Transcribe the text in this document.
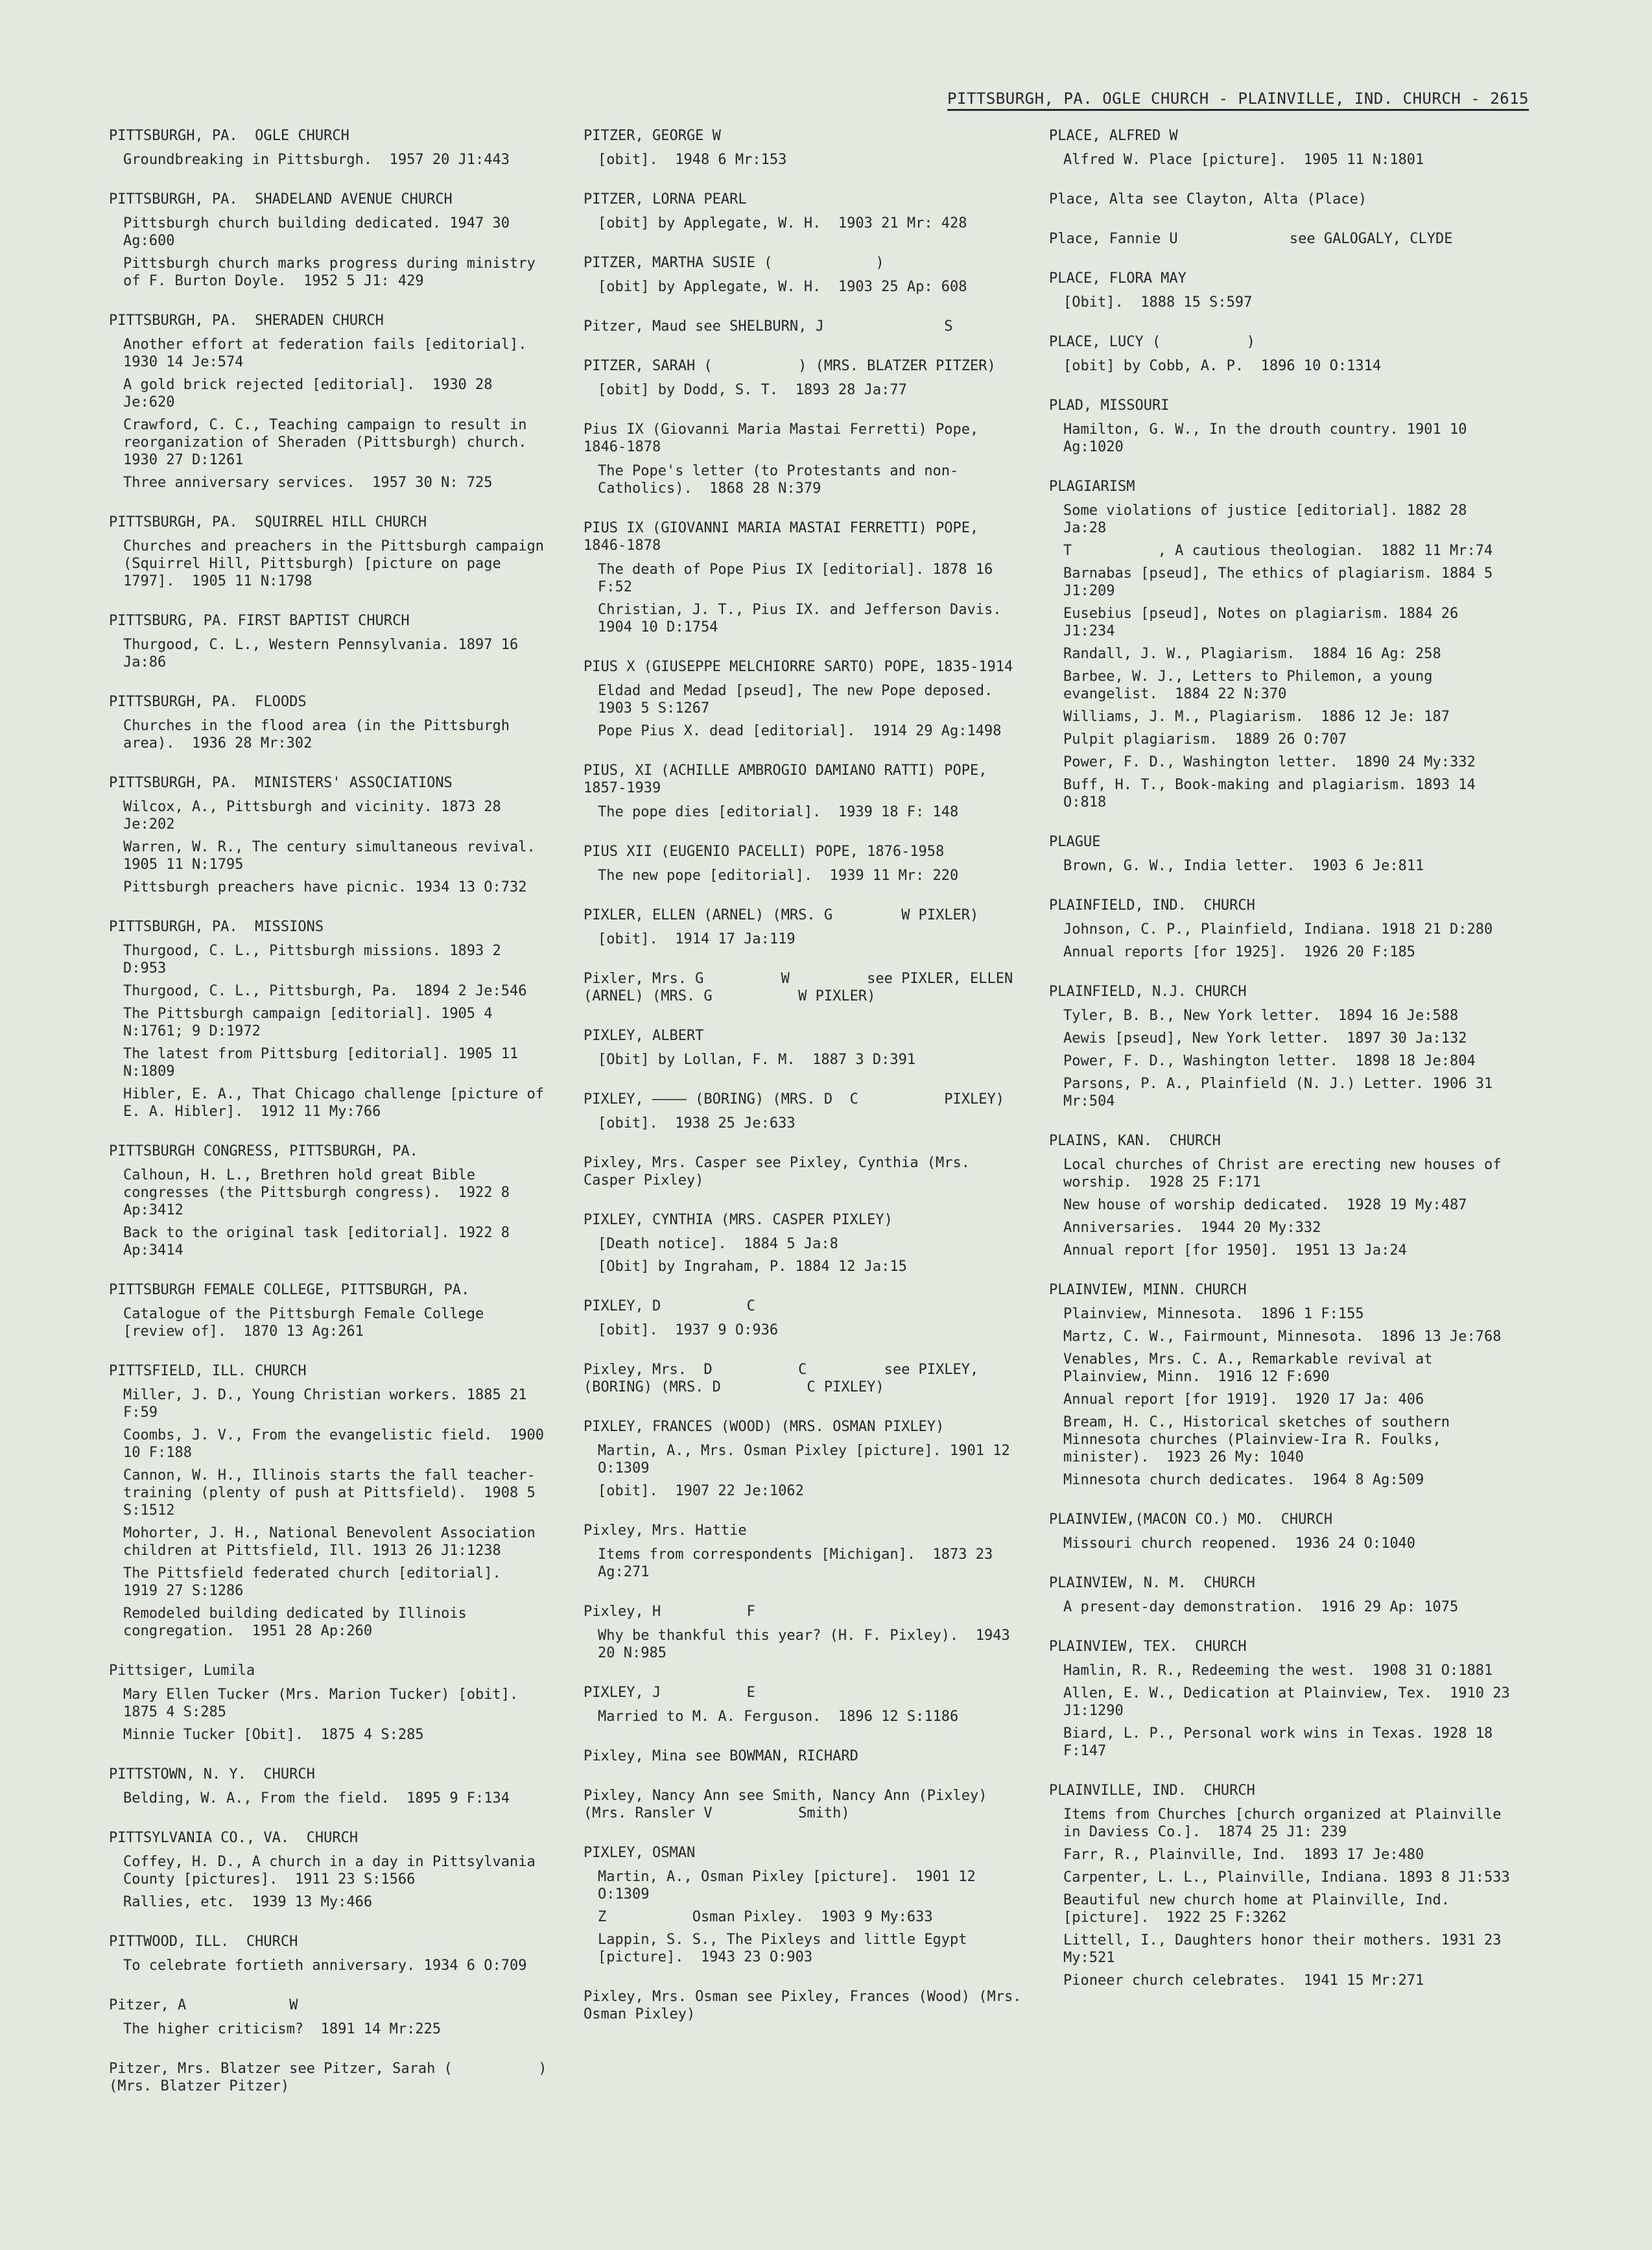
PITTSBURGH, PA. OGLE CHURCH - PLAINVILLE, IND. CHURCH - 2615
PITTSBURGH, PA.  OGLE CHURCH
Groundbreaking in Pittsburgh.  1957 20 J1:443
PITTSBURGH, PA.  SHADELAND AVENUE CHURCH
Pittsburgh church building dedicated. 1947 30 Ag:600
Pittsburgh church marks progress during ministry of F. Burton Doyle.  1952 5 J1: 429
PITTSBURGH, PA.  SHERADEN CHURCH
Another effort at federation fails [editorial].  1930 14 Je:574
A gold brick rejected [editorial].  1930 28 Je:620
Crawford, C. C., Teaching campaign to result in reorganization of Sheraden (Pittsburgh) church.  1930 27 D:1261
Three anniversary services.  1957 30 N: 725
PITTSBURGH, PA.  SQUIRREL HILL CHURCH
Churches and preachers in the Pittsburgh campaign (Squirrel Hill, Pittsburgh) [picture on page 1797].  1905 11 N:1798
PITTSBURG, PA. FIRST BAPTIST CHURCH
Thurgood, C. L., Western Pennsylvania. 1897 16 Ja:86
PITTSBURGH, PA.  FLOODS
Churches in the flood area (in the Pittsburgh area).  1936 28 Mr:302
PITTSBURGH, PA.  MINISTERS' ASSOCIATIONS
Wilcox, A., Pittsburgh and vicinity. 1873 28 Je:202
Warren, W. R., The century simultaneous revival.  1905 11 N:1795
Pittsburgh preachers have picnic. 1934 13 O:732
PITTSBURGH, PA.  MISSIONS
Thurgood, C. L., Pittsburgh missions. 1893 2 D:953
Thurgood, C. L., Pittsburgh, Pa.  1894 2 Je:546
The Pittsburgh campaign [editorial]. 1905 4 N:1761; 9 D:1972
The latest from Pittsburg [editorial]. 1905 11 N:1809
Hibler, E. A., That Chicago challenge [picture of E. A. Hibler].  1912 11 My:766
PITTSBURGH CONGRESS, PITTSBURGH, PA.
Calhoun, H. L., Brethren hold great Bible congresses (the Pittsburgh congress).  1922 8 Ap:3412
Back to the original task [editorial]. 1922 8 Ap:3414
PITTSBURGH FEMALE COLLEGE, PITTSBURGH, PA.
Catalogue of the Pittsburgh Female College [review of].  1870 13 Ag:261
PITTSFIELD, ILL. CHURCH
Miller, J. D., Young Christian workers. 1885 21 F:59
Coombs, J. V., From the evangelistic field.  1900 10 F:188
Cannon, W. H., Illinois starts the fall teacher-training (plenty of push at Pittsfield).  1908 5 S:1512
Mohorter, J. H., National Benevolent Association children at Pittsfield, Ill. 1913 26 J1:1238
The Pittsfield federated church [editorial].  1919 27 S:1286
Remodeled building dedicated by Illinois congregation.  1951 28 Ap:260
Pittsiger, Lumila
Mary Ellen Tucker (Mrs. Marion Tucker) [obit].  1875 4 S:285
Minnie Tucker [Obit].  1875 4 S:285
PITTSTOWN, N. Y.  CHURCH
Belding, W. A., From the field.  1895 9 F:134
PITTSYLVANIA CO., VA.  CHURCH
Coffey, H. D., A church in a day in Pittsylvania County [pictures].  1911 23 S:1566
Rallies, etc.  1939 13 My:466
PITTWOOD, ILL.  CHURCH
To celebrate fortieth anniversary. 1934 6 O:709
Pitzer, A            W
The higher criticism?  1891 14 Mr:225
Pitzer, Mrs. Blatzer see Pitzer, Sarah (          ) (Mrs. Blatzer Pitzer)
PITZER, GEORGE W
[obit].  1948 6 Mr:153
PITZER, LORNA PEARL
[obit] by Applegate, W. H.  1903 21 Mr: 428
PITZER, MARTHA SUSIE (            )
[obit] by Applegate, W. H.  1903 25 Ap: 608
Pitzer, Maud see SHELBURN, J              S
PITZER, SARAH (          ) (MRS. BLATZER PITZER)
[obit] by Dodd, S. T.  1893 28 Ja:77
Pius IX (Giovanni Maria Mastai Ferretti) Pope, 1846-1878
The Pope's letter (to Protestants and non-Catholics).  1868 28 N:379
PIUS IX (GIOVANNI MARIA MASTAI FERRETTI) POPE, 1846-1878
The death of Pope Pius IX [editorial]. 1878 16 F:52
Christian, J. T., Pius IX. and Jefferson Davis.  1904 10 D:1754
PIUS X (GIUSEPPE MELCHIORRE SARTO) POPE, 1835-1914
Eldad and Medad [pseud], The new Pope deposed.  1903 5 S:1267
Pope Pius X. dead [editorial].  1914 29 Ag:1498
PIUS, XI (ACHILLE AMBROGIO DAMIANO RATTI) POPE, 1857-1939
The pope dies [editorial].  1939 18 F: 148
PIUS XII (EUGENIO PACELLI) POPE, 1876-1958
The new pope [editorial].  1939 11 Mr: 220
PIXLER, ELLEN (ARNEL) (MRS. G        W PIXLER)
[obit].  1914 17 Ja:119
Pixler, Mrs. G         W         see PIXLER, ELLEN (ARNEL) (MRS. G          W PIXLER)
PIXLEY, ALBERT
[Obit] by Lollan, F. M.  1887 3 D:391
PIXLEY, ———— (BORING) (MRS. D  C          PIXLEY)
[obit].  1938 25 Je:633
Pixley, Mrs. Casper see Pixley, Cynthia (Mrs. Casper Pixley)
PIXLEY, CYNTHIA (MRS. CASPER PIXLEY)
[Death notice].  1884 5 Ja:8
[Obit] by Ingraham, P. 1884 12 Ja:15
PIXLEY, D          C
[obit].  1937 9 O:936
Pixley, Mrs.  D          C         see PIXLEY, (BORING) (MRS. D          C PIXLEY)
PIXLEY, FRANCES (WOOD) (MRS. OSMAN PIXLEY)
Martin, A., Mrs. Osman Pixley [picture]. 1901 12 O:1309
[obit].  1907 22 Je:1062
Pixley, Mrs. Hattie
Items from correspondents [Michigan].  1873 23 Ag:271
Pixley, H          F
Why be thankful this year? (H. F. Pixley).  1943 20 N:985
PIXLEY, J          E
Married to M. A. Ferguson.  1896 12 S:1186
Pixley, Mina see BOWMAN, RICHARD
Pixley, Nancy Ann see Smith, Nancy Ann (Pixley) (Mrs. Ransler V          Smith)
PIXLEY, OSMAN
Martin, A., Osman Pixley [picture].  1901 12 O:1309
Z          Osman Pixley.  1903 9 My:633
Lappin, S. S., The Pixleys and little Egypt [picture].  1943 23 O:903
Pixley, Mrs. Osman see Pixley, Frances (Wood) (Mrs. Osman Pixley)
PLACE, ALFRED W
Alfred W. Place [picture].  1905 11 N:1801
Place, Alta see Clayton, Alta (Place)
Place, Fannie U             see GALOGALY, CLYDE
PLACE, FLORA MAY
[Obit].  1888 15 S:597
PLACE, LUCY (          )
[obit] by Cobb, A. P.  1896 10 O:1314
PLAD, MISSOURI
Hamilton, G. W., In the drouth country. 1901 10 Ag:1020
PLAGIARISM
Some violations of justice [editorial]. 1882 28 Ja:28
T          , A cautious theologian.  1882 11 Mr:74
Barnabas [pseud], The ethics of plagiarism. 1884 5 J1:209
Eusebius [pseud], Notes on plagiarism. 1884 26 J1:234
Randall, J. W., Plagiarism.  1884 16 Ag: 258
Barbee, W. J., Letters to Philemon, a young evangelist.  1884 22 N:370
Williams, J. M., Plagiarism.  1886 12 Je: 187
Pulpit plagiarism.  1889 26 O:707
Power, F. D., Washington letter.  1890 24 My:332
Buff, H. T., Book-making and plagiarism. 1893 14 O:818
PLAGUE
Brown, G. W., India letter.  1903 6 Je:811
PLAINFIELD, IND.  CHURCH
Johnson, C. P., Plainfield, Indiana. 1918 21 D:280
Annual reports [for 1925].  1926 20 F:185
PLAINFIELD, N.J. CHURCH
Tyler, B. B., New York letter.  1894 16 Je:588
Aewis [pseud], New York letter.  1897 30 Ja:132
Power, F. D., Washington letter.  1898 18 Je:804
Parsons, P. A., Plainfield (N. J.) Letter. 1906 31 Mr:504
PLAINS, KAN.  CHURCH
Local churches of Christ are erecting new houses of worship.  1928 25 F:171
New house of worship dedicated.  1928 19 My:487
Anniversaries.  1944 20 My:332
Annual report [for 1950].  1951 13 Ja:24
PLAINVIEW, MINN. CHURCH
Plainview, Minnesota.  1896 1 F:155
Martz, C. W., Fairmount, Minnesota.  1896 13 Je:768
Venables, Mrs. C. A., Remarkable revival at Plainview, Minn.  1916 12 F:690
Annual report [for 1919].  1920 17 Ja: 406
Bream, H. C., Historical sketches of southern Minnesota churches (Plainview-Ira R. Foulks, minister).  1923 26 My: 1040
Minnesota church dedicates.  1964 8 Ag:509
PLAINVIEW,(MACON CO.) MO.  CHURCH
Missouri church reopened.  1936 24 O:1040
PLAINVIEW, N. M.  CHURCH
A present-day demonstration.  1916 29 Ap: 1075
PLAINVIEW, TEX.  CHURCH
Hamlin, R. R., Redeeming the west.  1908 31 O:1881
Allen, E. W., Dedication at Plainview, Tex.  1910 23 J1:1290
Biard, L. P., Personal work wins in Texas. 1928 18 F:147
PLAINVILLE, IND.  CHURCH
Items from Churches [church organized at Plainville in Daviess Co.].  1874 25 J1: 239
Farr, R., Plainville, Ind.  1893 17 Je:480
Carpenter, L. L., Plainville, Indiana. 1893 8 J1:533
Beautiful new church home at Plainville, Ind. [picture].  1922 25 F:3262
Littell, I., Daughters honor their mothers. 1931 23 My:521
Pioneer church celebrates.  1941 15 Mr:271
